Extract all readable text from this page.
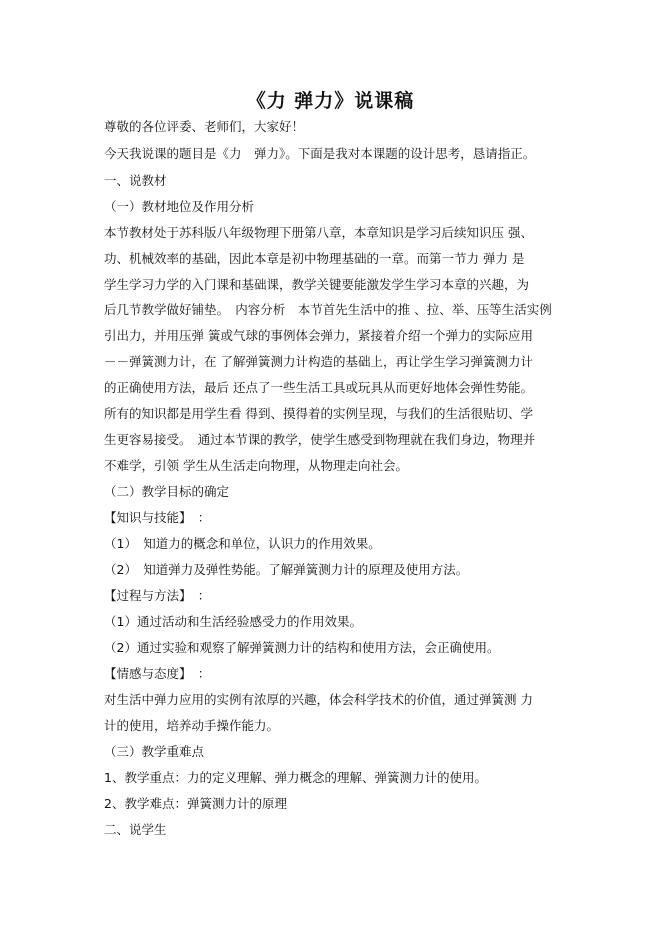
《力 弹力》说课稿
尊敬的各位评委、老师们，大家好！
今天我说课的题目是《力　弹力》。下面是我对本课题的设计思考，恳请指正。
一、说教材
（一）教材地位及作用分析
本节教材处于苏科版八年级物理下册第八章，本章知识是学习后续知识压 强、
功、机械效率的基础，因此本章是初中物理基础的一章。而第一节力 弹力 是
学生学习力学的入门课和基础课，教学关键要能激发学生学习本章的兴趣，为
后几节教学做好铺垫。　内容分析　本节首先生活中的推 、拉、举、压等生活实例
引出力，并用压弹 簧或气球的事例体会弹力，紧接着介绍一个弹力的实际应用
－－弹簧测力计，在 了解弹簧测力计构造的基础上，再让学生学习弹簧测力计
的正确使用方法，最后 还点了一些生活工具或玩具从而更好地体会弹性势能。
所有的知识都是用学生看 得到、摸得着的实例呈现，与我们的生活很贴切、学
生更容易接受。　通过本节课的教学，使学生感受到物理就在我们身边，物理并
不难学，引领 学生从生活走向物理，从物理走向社会。
（二）教学目标的确定
【知识与技能】　：
（1）　知道力的概念和单位，认识力的作用效果。
（2）　知道弹力及弹性势能。了解弹簧测力计的原理及使用方法。
【过程与方法】　：
（1）通过活动和生活经验感受力的作用效果。
（2）通过实验和观察了解弹簧测力计的结构和使用方法，会正确使用。
【情感与态度】　：
对生活中弹力应用的实例有浓厚的兴趣，体会科学技术的价值，通过弹簧测 力
计的使用，培养动手操作能力。
（三）教学重难点
1、教学重点：力的定义理解、弹力概念的理解、弹簧测力计的使用。
2、教学难点：弹簧测力计的原理
二、说学生
